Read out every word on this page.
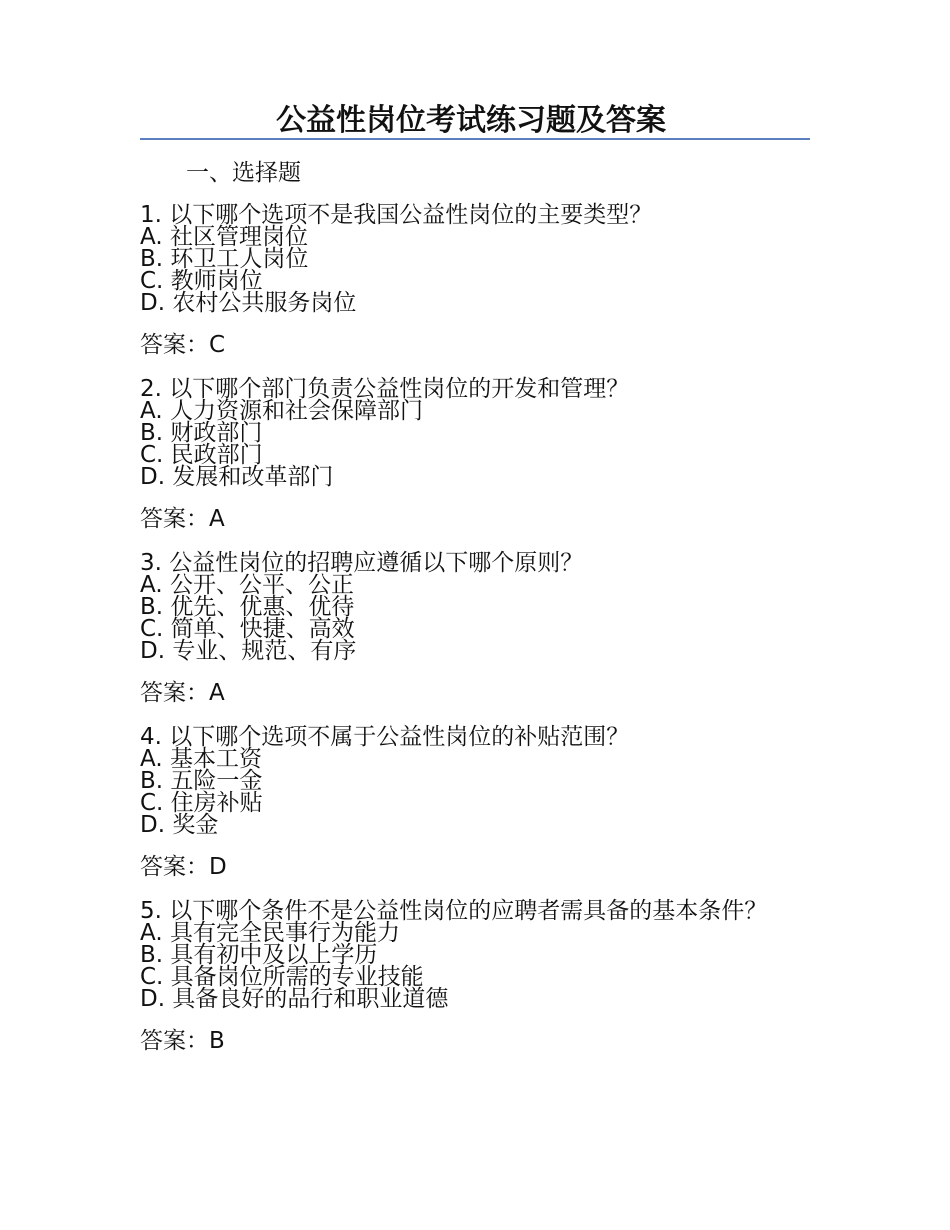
公益性岗位考试练习题及答案
一、选择题

1. 以下哪个选项不是我国公益性岗位的主要类型？

A. 社区管理岗位

B. 环卫工人岗位

C. 教师岗位

D. 农村公共服务岗位

答案：C

2. 以下哪个部门负责公益性岗位的开发和管理？

A. 人力资源和社会保障部门

B. 财政部门

C. 民政部门

D. 发展和改革部门

答案：A

3. 公益性岗位的招聘应遵循以下哪个原则？

A. 公开、公平、公正

B. 优先、优惠、优待

C. 简单、快捷、高效

D. 专业、规范、有序

答案：A

4. 以下哪个选项不属于公益性岗位的补贴范围？

A. 基本工资

B. 五险一金

C. 住房补贴

D. 奖金

答案：D

5. 以下哪个条件不是公益性岗位的应聘者需具备的基本条件？

A. 具有完全民事行为能力

B. 具有初中及以上学历

C. 具备岗位所需的专业技能

D. 具备良好的品行和职业道德

答案：B
